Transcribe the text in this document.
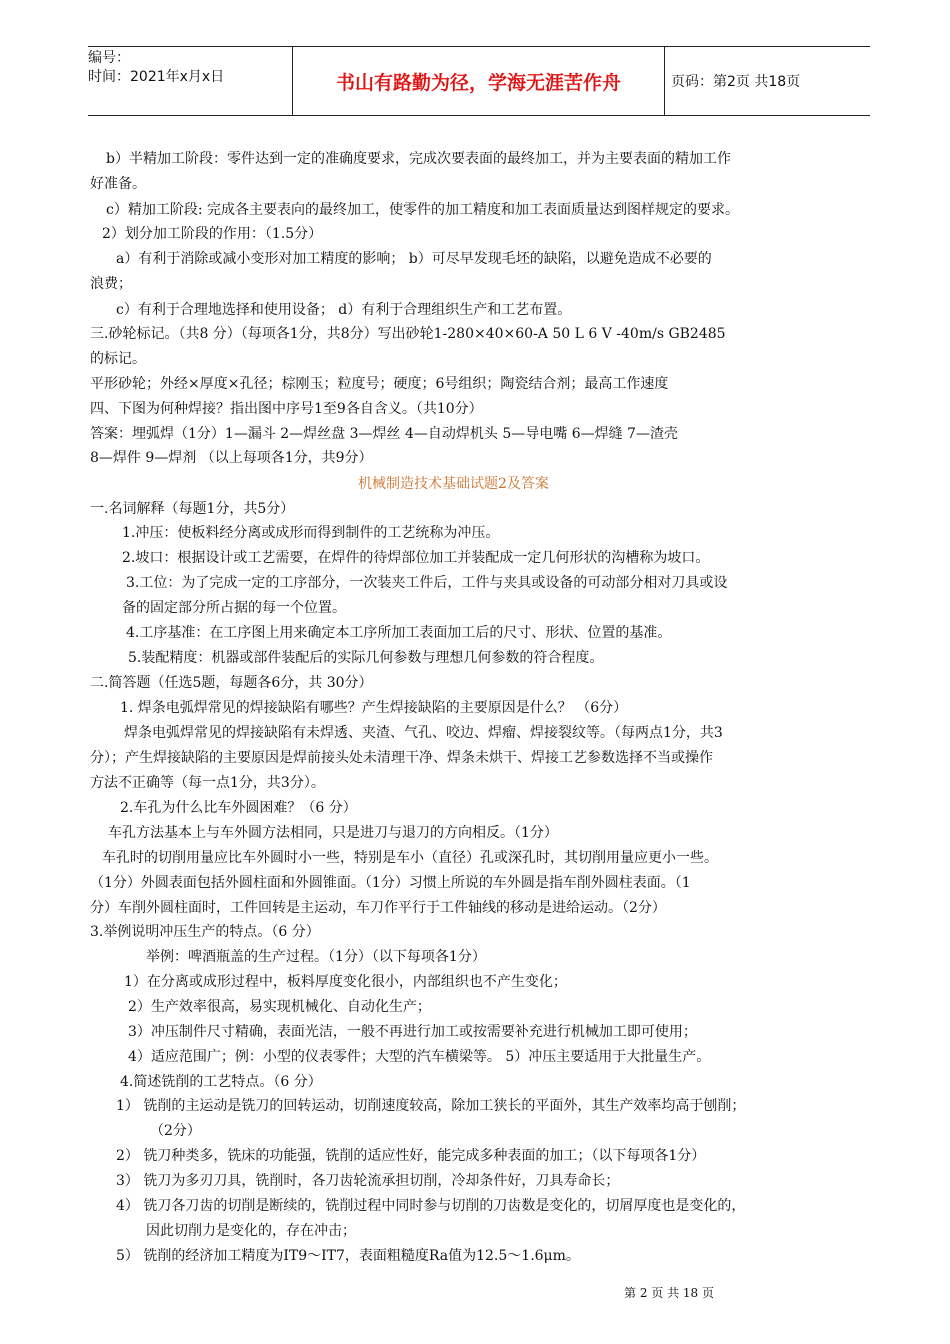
编号：
时间：2021年x月x日	书山有路勤为径，学海无涯苦作舟	页码：第2页 共18页
b）半精加工阶段：零件达到一定的准确度要求，完成次要表面的最终加工，并为主要表面的精加工作
好准备。
c）精加工阶段: 完成各主要表向的最终加工，使零件的加工精度和加工表面质量达到图样规定的要求。
2）划分加工阶段的作用：（1.5分）
a）有利于消除或减小变形对加工精度的影响； b）可尽早发现毛坯的缺陷，以避免造成不必要的
浪费；
c）有利于合理地选择和使用设备； d）有利于合理组织生产和工艺布置。
三.砂轮标记。（共8 分）（每项各1分，共8分）写出砂轮1-280×40×60-A 50 L 6 V -40m/s GB2485
的标记。
平形砂轮；外经×厚度×孔径；棕刚玉；粒度号；硬度；6号组织；陶瓷结合剂；最高工作速度
四、下图为何种焊接？指出图中序号1至9各自含义。（共10分）
答案：埋弧焊（1分）1—漏斗 2—焊丝盘 3—焊丝 4—自动焊机头 5—导电嘴 6—焊缝 7—渣壳
8—焊件 9—焊剂 （以上每项各1分，共9分）
机械制造技术基础试题2及答案
一.名词解释（每题1分，共5分）
1.冲压：使板料经分离或成形而得到制件的工艺统称为冲压。
2.坡口：根据设计或工艺需要，在焊件的待焊部位加工并装配成一定几何形状的沟槽称为坡口。
3.工位：为了完成一定的工序部分，一次装夹工件后，工件与夹具或设备的可动部分相对刀具或设
备的固定部分所占据的每一个位置。
4.工序基准：在工序图上用来确定本工序所加工表面加工后的尺寸、形状、位置的基准。
5.装配精度：机器或部件装配后的实际几何参数与理想几何参数的符合程度。
二.简答题（任选5题，每题各6分，共 30分）
1. 焊条电弧焊常见的焊接缺陷有哪些？产生焊接缺陷的主要原因是什么？ （6分）
焊条电弧焊常见的焊接缺陷有未焊透、夹渣、气孔、咬边、焊瘤、焊接裂纹等。（每两点1分，共3
分）；产生焊接缺陷的主要原因是焊前接头处未清理干净、焊条未烘干、焊接工艺参数选择不当或操作
方法不正确等（每一点1分，共3分）。
2.车孔为什么比车外圆困难？（6 分）
车孔方法基本上与车外圆方法相同，只是进刀与退刀的方向相反。（1分）
车孔时的切削用量应比车外圆时小一些，特别是车小（直径）孔或深孔时，其切削用量应更小一些。
（1分）外圆表面包括外圆柱面和外圆锥面。（1分）习惯上所说的车外圆是指车削外圆柱表面。（1
分）车削外圆柱面时，工件回转是主运动，车刀作平行于工件轴线的移动是进给运动。（2分）
3.举例说明冲压生产的特点。（6 分）
举例：啤酒瓶盖的生产过程。（1分）（以下每项各1分）
1）在分离或成形过程中，板料厚度变化很小，内部组织也不产生变化；
2）生产效率很高，易实现机械化、自动化生产；
3）冲压制件尺寸精确，表面光洁，一般不再进行加工或按需要补充进行机械加工即可使用；
4）适应范围广；例：小型的仪表零件；大型的汽车横梁等。 5）冲压主要适用于大批量生产。
4.简述铣削的工艺特点。（6 分）
1） 铣削的主运动是铣刀的回转运动，切削速度较高，除加工狭长的平面外，其生产效率均高于刨削；
（2分）
2） 铣刀种类多，铣床的功能强，铣削的适应性好，能完成多种表面的加工；（以下每项各1分）
3） 铣刀为多刃刀具，铣削时，各刀齿轮流承担切削，冷却条件好，刀具寿命长；
4） 铣刀各刀齿的切削是断续的，铣削过程中同时参与切削的刀齿数是变化的，切屑厚度也是变化的，
因此切削力是变化的，存在冲击；
5） 铣削的经济加工精度为IT9～IT7，表面粗糙度Ra值为12.5～1.6μm。
第 2 页 共 18 页
